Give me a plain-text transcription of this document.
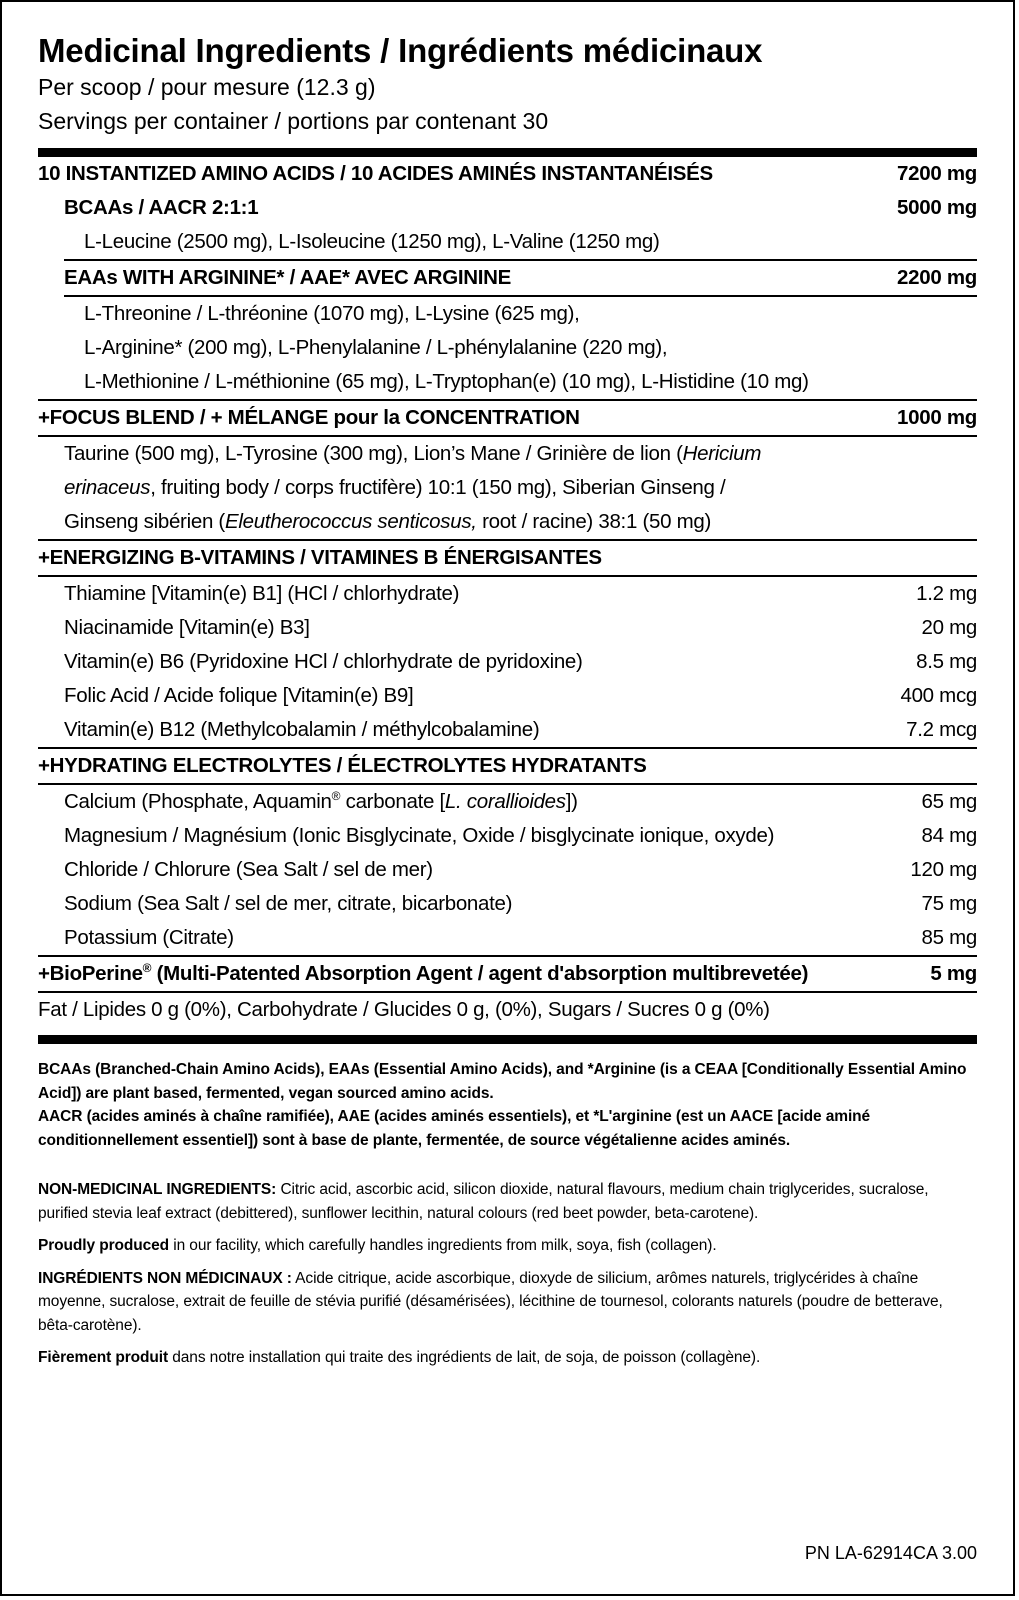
Medicinal Ingredients / Ingrédients médicinaux
Per scoop / pour mesure (12.3 g)
Servings per container / portions par contenant 30
10 INSTANTIZED AMINO ACIDS / 10 ACIDES AMINÉS INSTANTANÉISÉS	7200 mg
BCAAs / AACR 2:1:1	5000 mg
L-Leucine (2500 mg), L-Isoleucine (1250 mg), L-Valine (1250 mg)
EAAs WITH ARGININE* / AAE* AVEC ARGININE	2200 mg
L-Threonine / L-thréonine (1070 mg), L-Lysine (625 mg),
L-Arginine* (200 mg), L-Phenylalanine / L-phénylalanine (220 mg),
L-Methionine / L-méthionine (65 mg), L-Tryptophan(e) (10 mg), L-Histidine (10 mg)
+FOCUS BLEND / + MÉLANGE pour la CONCENTRATION	1000 mg
Taurine (500 mg), L-Tyrosine (300 mg), Lion’s Mane / Grinière de lion (Hericium
erinaceus, fruiting body / corps fructifère) 10:1 (150 mg), Siberian Ginseng /
Ginseng sibérien (Eleutherococcus senticosus, root / racine) 38:1 (50 mg)
+ENERGIZING B-VITAMINS / VITAMINES B ÉNERGISANTES
Thiamine [Vitamin(e) B1] (HCl / chlorhydrate)	1.2 mg
Niacinamide [Vitamin(e) B3]	20 mg
Vitamin(e) B6 (Pyridoxine HCl / chlorhydrate de pyridoxine)	8.5 mg
Folic Acid / Acide folique [Vitamin(e) B9]	400 mcg
Vitamin(e) B12 (Methylcobalamin / méthylcobalamine)	7.2 mcg
+HYDRATING ELECTROLYTES / ÉLECTROLYTES HYDRATANTS
Calcium (Phosphate, Aquamin® carbonate [L. corallioides])	65 mg
Magnesium / Magnésium (Ionic Bisglycinate, Oxide / bisglycinate ionique, oxyde)	84 mg
Chloride / Chlorure (Sea Salt / sel de mer)	120 mg
Sodium (Sea Salt / sel de mer, citrate, bicarbonate)	75 mg
Potassium (Citrate)	85 mg
+BioPerine® (Multi-Patented Absorption Agent / agent d'absorption multibrevetée)	5 mg
Fat / Lipides 0 g (0%), Carbohydrate / Glucides 0 g, (0%), Sugars / Sucres 0 g (0%)

BCAAs (Branched-Chain Amino Acids), EAAs (Essential Amino Acids), and *Arginine (is a CEAA [Conditionally Essential Amino Acid]) are plant based, fermented, vegan sourced amino acids.

AACR (acides aminés à chaîne ramifiée), AAE (acides aminés essentiels), et *L'arginine (est un AACE [acide aminé conditionnellement essentiel]) sont à base de plante, fermentée, de source végétalienne acides aminés.

NON-MEDICINAL INGREDIENTS: Citric acid, ascorbic acid, silicon dioxide, natural flavours, medium chain triglycerides, sucralose, purified stevia leaf extract (debittered), sunflower lecithin, natural colours (red beet powder, beta-carotene).

Proudly produced in our facility, which carefully handles ingredients from milk, soya, fish (collagen).

INGRÉDIENTS NON MÉDICINAUX : Acide citrique, acide ascorbique, dioxyde de silicium, arômes naturels, triglycérides à chaîne moyenne, sucralose, extrait de feuille de stévia purifié (désamérisées), lécithine de tournesol, colorants naturels (poudre de betterave, bêta-carotène).

Fièrement produit dans notre installation qui traite des ingrédients de lait, de soja, de poisson (collagène).

PN LA-62914CA 3.00
